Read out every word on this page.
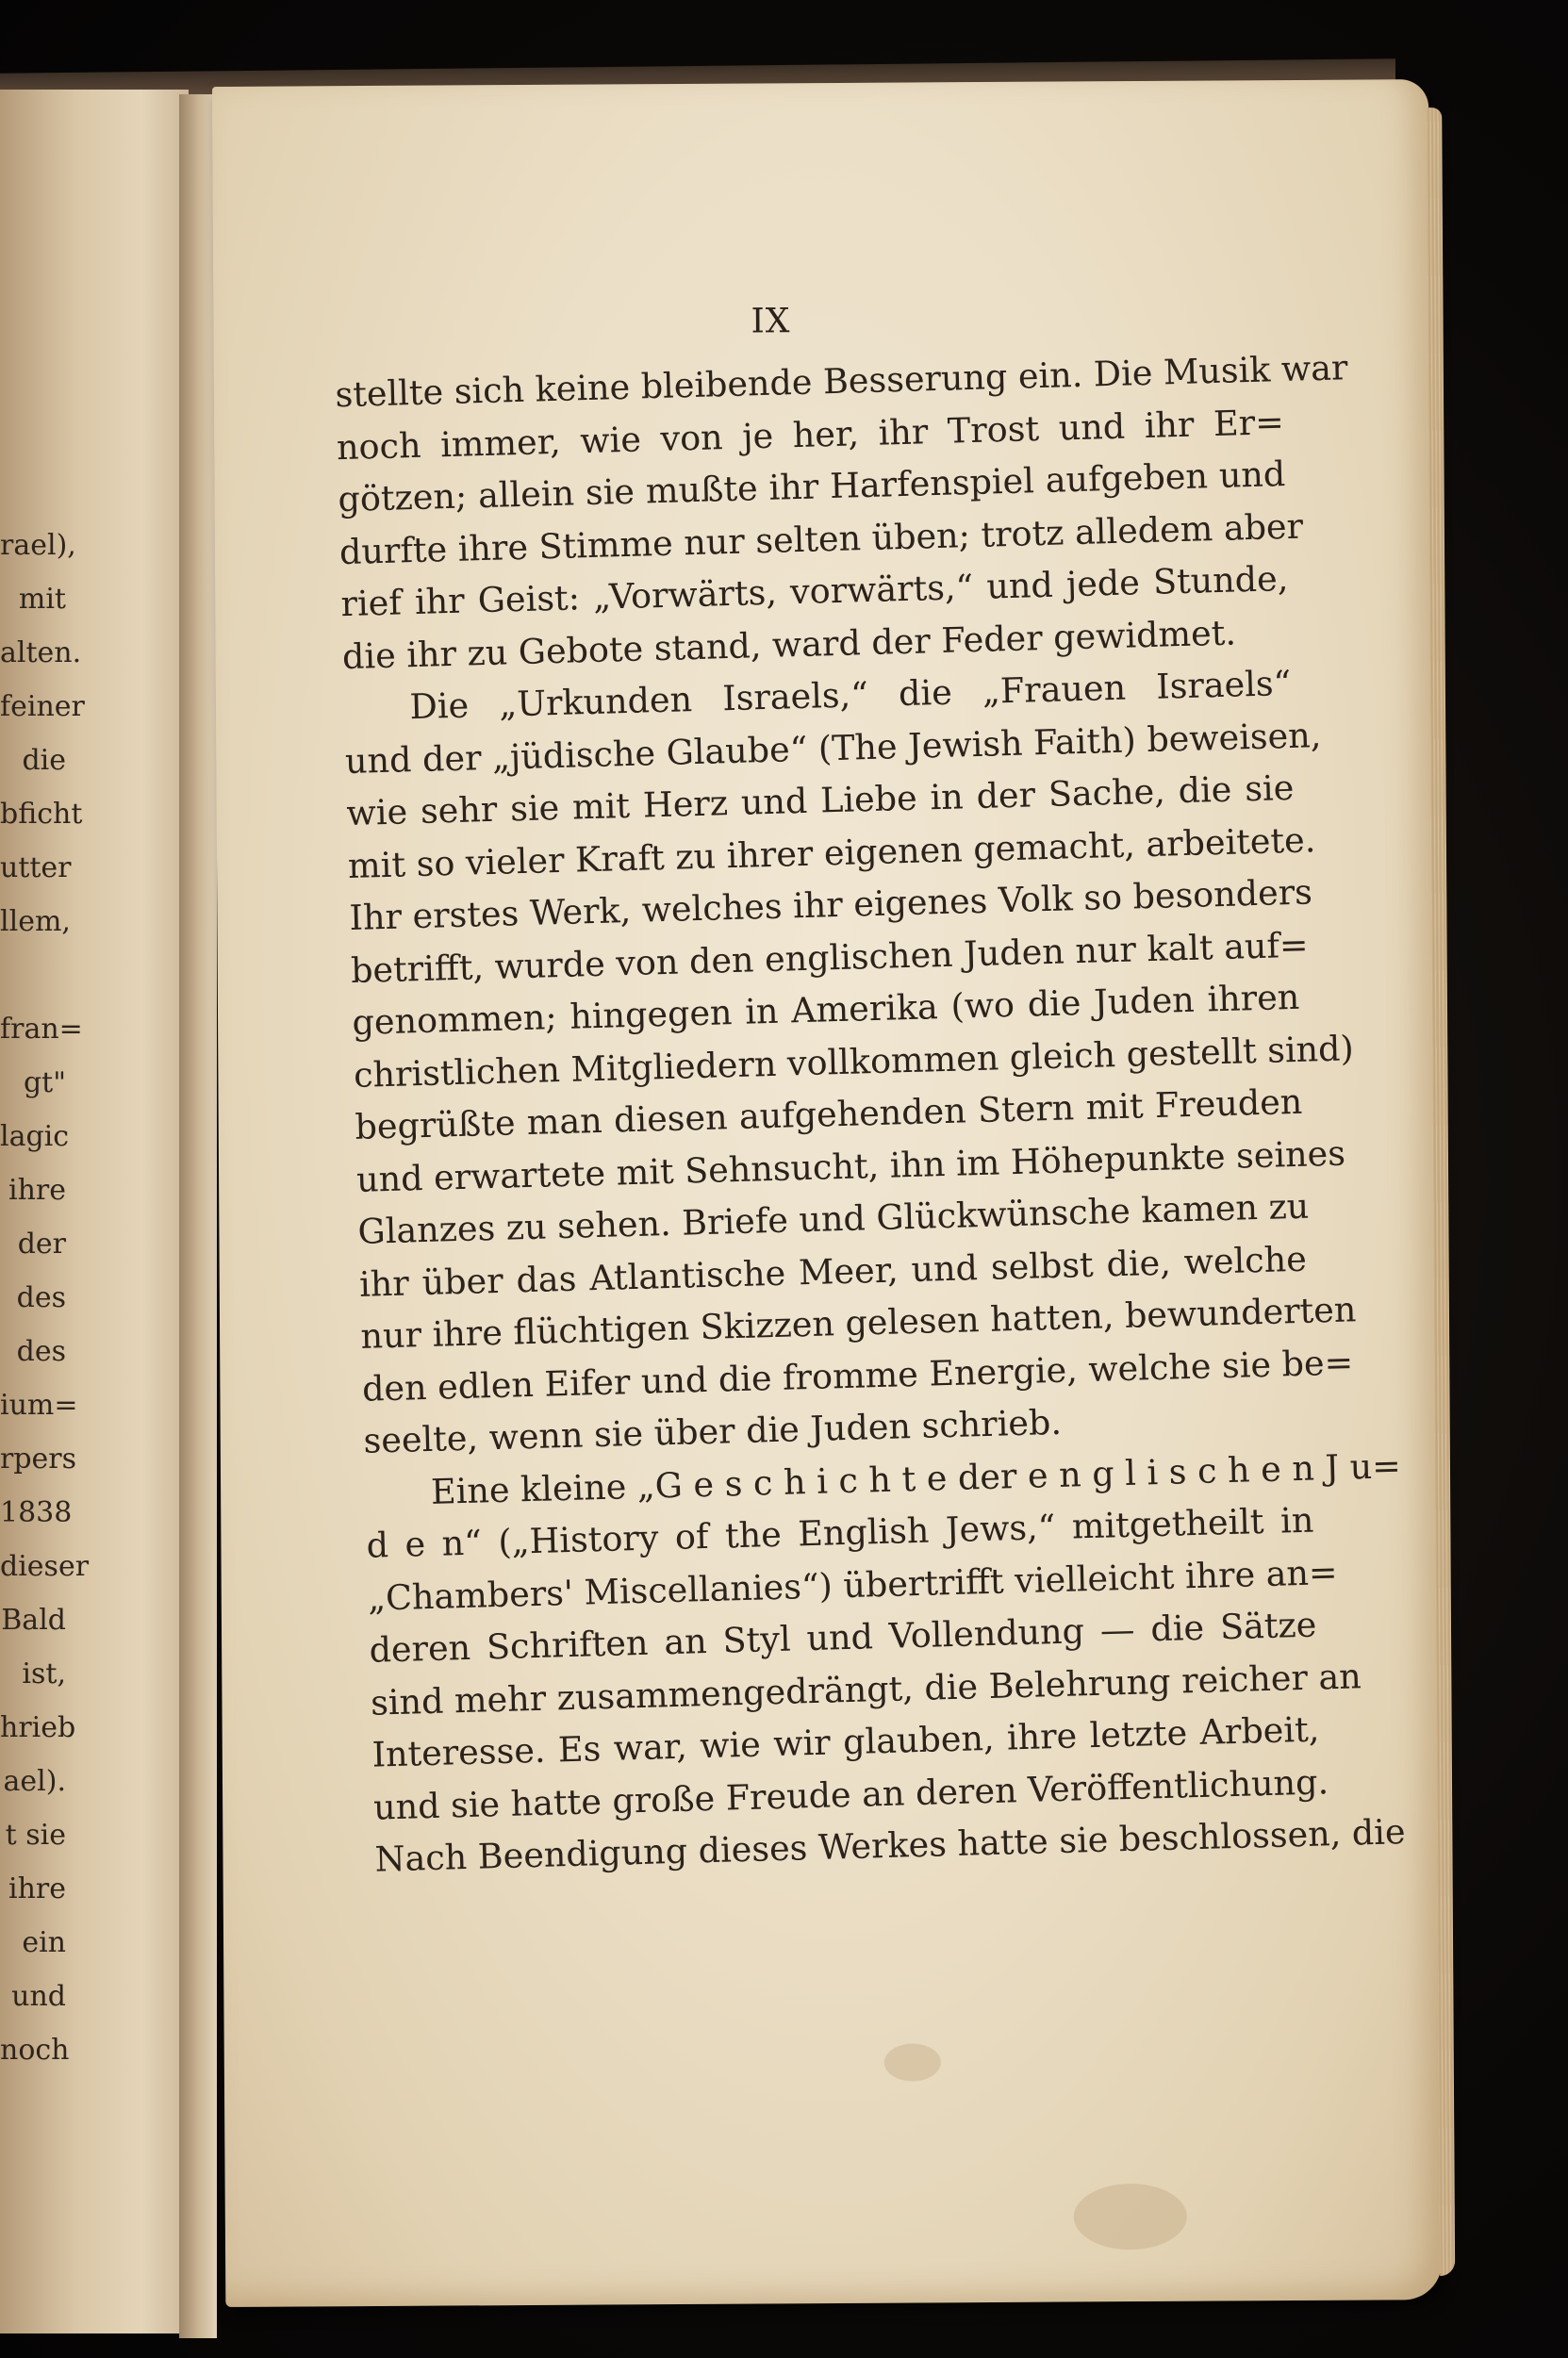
rael),
mit
alten.
feiner
die
bficht
utter
llem,

fran=
gt"
lagic
ihre
der
des
des
ium=
rpers
1838
dieser
Bald
ist,
hrieb
ael).
t sie
ihre
ein
und
noch
IX

stellte sich keine bleibende Besserung ein. Die Musik war

noch immer, wie von je her, ihr Trost und ihr Er=

götzen; allein sie mußte ihr Harfenspiel aufgeben und

durfte ihre Stimme nur selten üben; trotz alledem aber

rief ihr Geist: „Vorwärts, vorwärts,“ und jede Stunde,

die ihr zu Gebote stand, ward der Feder gewidmet.

Die „Urkunden Israels,“ die „Frauen Israels“

und der „jüdische Glaube“ (The Jewish Faith) beweisen,

wie sehr sie mit Herz und Liebe in der Sache, die sie

mit so vieler Kraft zu ihrer eigenen gemacht, arbeitete.

Ihr erstes Werk, welches ihr eigenes Volk so besonders

betrifft, wurde von den englischen Juden nur kalt auf=

genommen; hingegen in Amerika (wo die Juden ihren

christlichen Mitgliedern vollkommen gleich gestellt sind)

begrüßte man diesen aufgehenden Stern mit Freuden

und erwartete mit Sehnsucht, ihn im Höhepunkte seines

Glanzes zu sehen. Briefe und Glückwünsche kamen zu

ihr über das Atlantische Meer, und selbst die, welche

nur ihre flüchtigen Skizzen gelesen hatten, bewunderten

den edlen Eifer und die fromme Energie, welche sie be=

seelte, wenn sie über die Juden schrieb.

Eine kleine „G e s c h i c h t e der e n g l i s c h e n J u=

d e n“ („History of the English Jews,“ mitgetheilt in

„Chambers' Miscellanies“) übertrifft vielleicht ihre an=

deren Schriften an Styl und Vollendung — die Sätze

sind mehr zusammengedrängt, die Belehrung reicher an

Interesse. Es war, wie wir glauben, ihre letzte Arbeit,

und sie hatte große Freude an deren Veröffentlichung.

Nach Beendigung dieses Werkes hatte sie beschlossen, die
